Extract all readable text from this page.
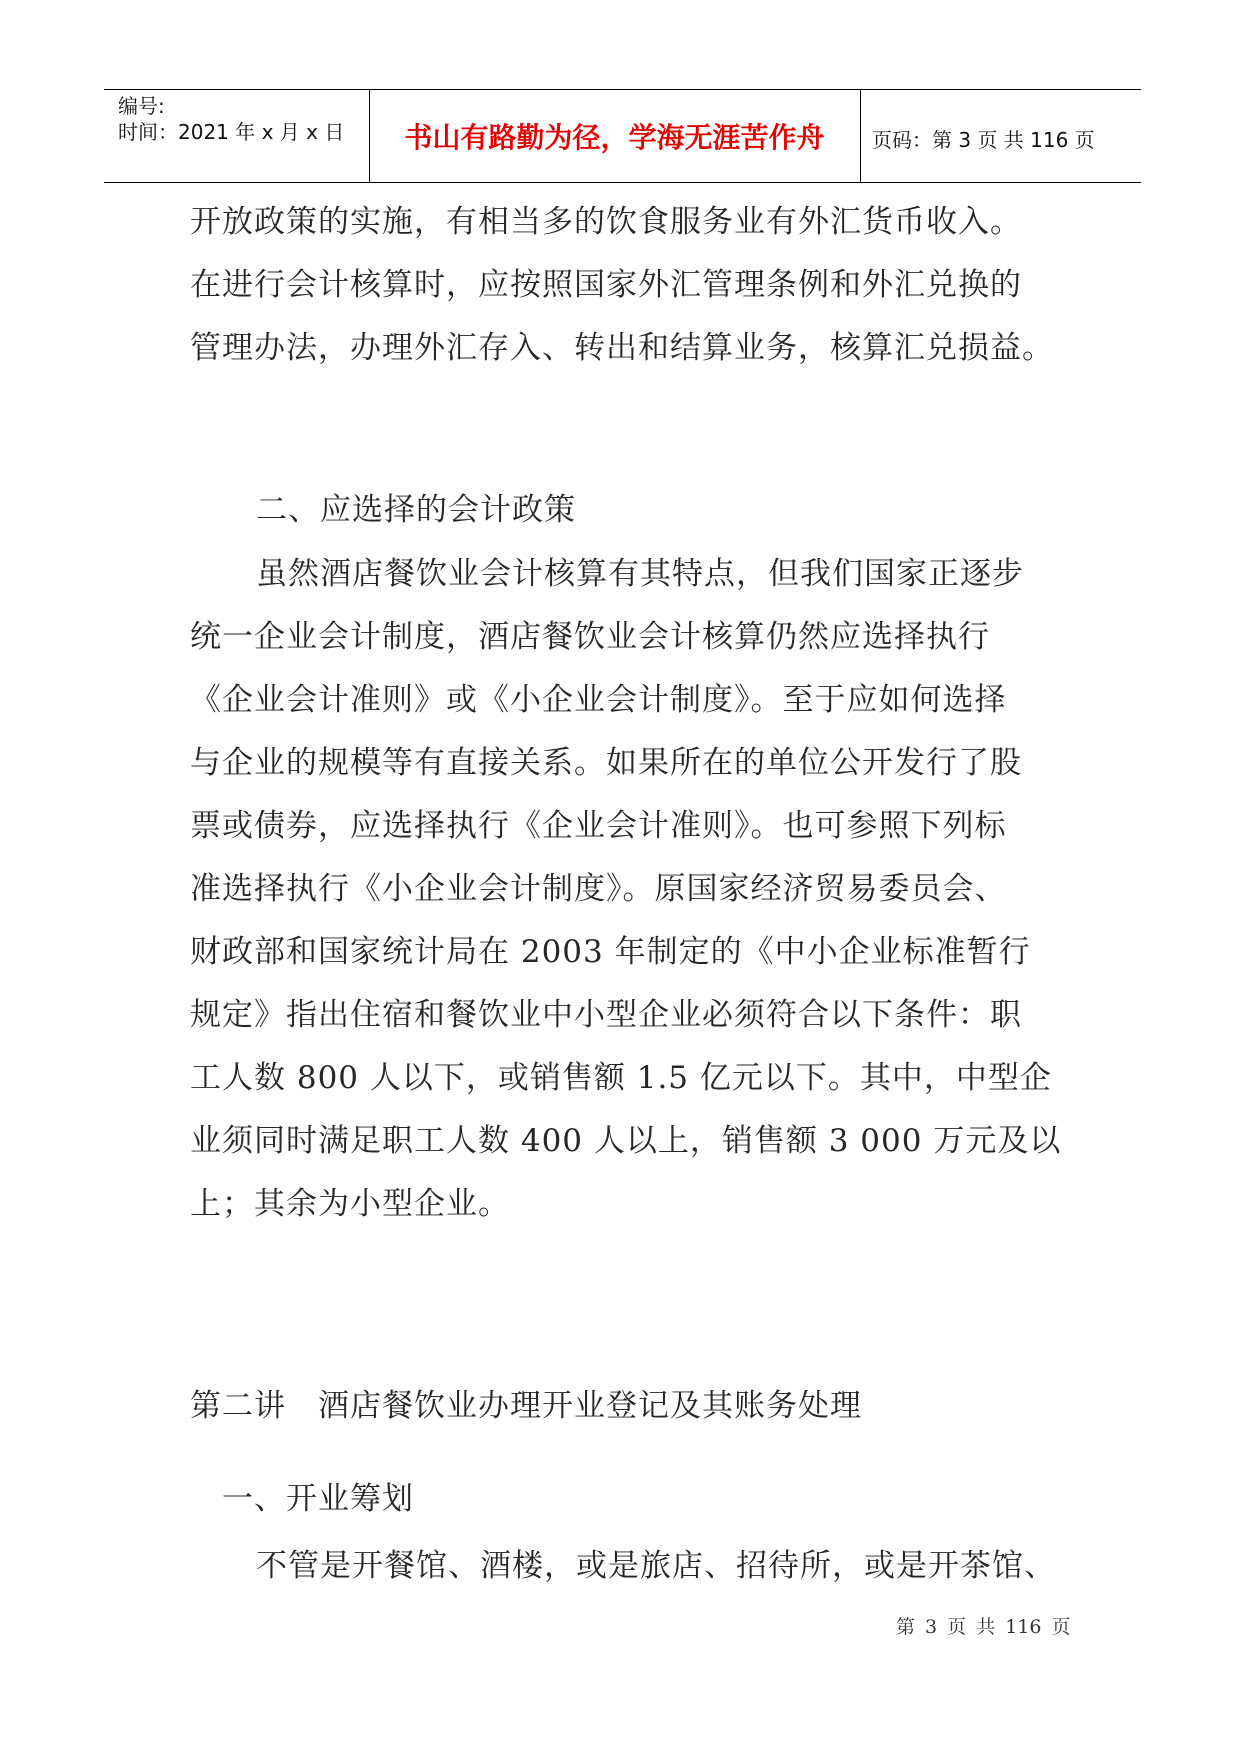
编号:
时间：2021 年 x 月 x 日	书山有路勤为径，学海无涯苦作舟	页码：第 3 页 共 116 页
开放政策的实施，有相当多的饮食服务业有外汇货币收入。
在进行会计核算时，应按照国家外汇管理条例和外汇兑换的
管理办法，办理外汇存入、转出和结算业务，核算汇兑损益。
二、应选择的会计政策
虽然酒店餐饮业会计核算有其特点，但我们国家正逐步
统一企业会计制度，酒店餐饮业会计核算仍然应选择执行
《企业会计准则》或《小企业会计制度》。至于应如何选择
与企业的规模等有直接关系。如果所在的单位公开发行了股
票或债券，应选择执行《企业会计准则》。也可参照下列标
准选择执行《小企业会计制度》。原国家经济贸易委员会、
财政部和国家统计局在 2003 年制定的《中小企业标准暂行
规定》指出住宿和餐饮业中小型企业必须符合以下条件：职
工人数 800 人以下，或销售额 1.5 亿元以下。其中，中型企
业须同时满足职工人数 400 人以上，销售额 3 000 万元及以
上；其余为小型企业。
第二讲　酒店餐饮业办理开业登记及其账务处理
一、开业筹划
不管是开餐馆、酒楼，或是旅店、招待所，或是开茶馆、
第 3 页 共 116 页
